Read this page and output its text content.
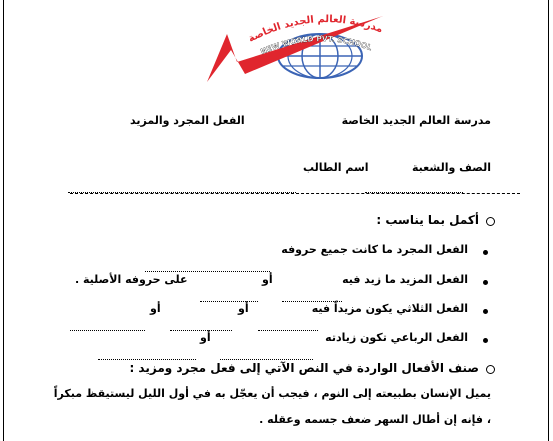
مدرسة العالم الجديد الخاصة
NEW WORLD PVT. SCHOOL
مدرسة العالم الجديد الخاصة
الفعل المجرد والمزيد
الصف والشعبة
اسم الطالب
أكمل بما يناسب :
الفعل المجرد ما كانت جميع حروفه
الفعل المزيد ما زيد فيه
أو
على حروفه الأصلية .
الفعل الثلاثي يكون مزيداً فيه
أو
أو
الفعل الرباعي تكون زيادته
أو
صنف الأفعال الواردة في النص الآتي إلى فعل مجرد ومزيد :
يميل الإنسان بطبيعته إلى النوم ، فيجب أن يعجّل به في أول الليل ليستيقظ مبكراً
، فإنه إن أطال السهر ضعف جسمه وعقله .
